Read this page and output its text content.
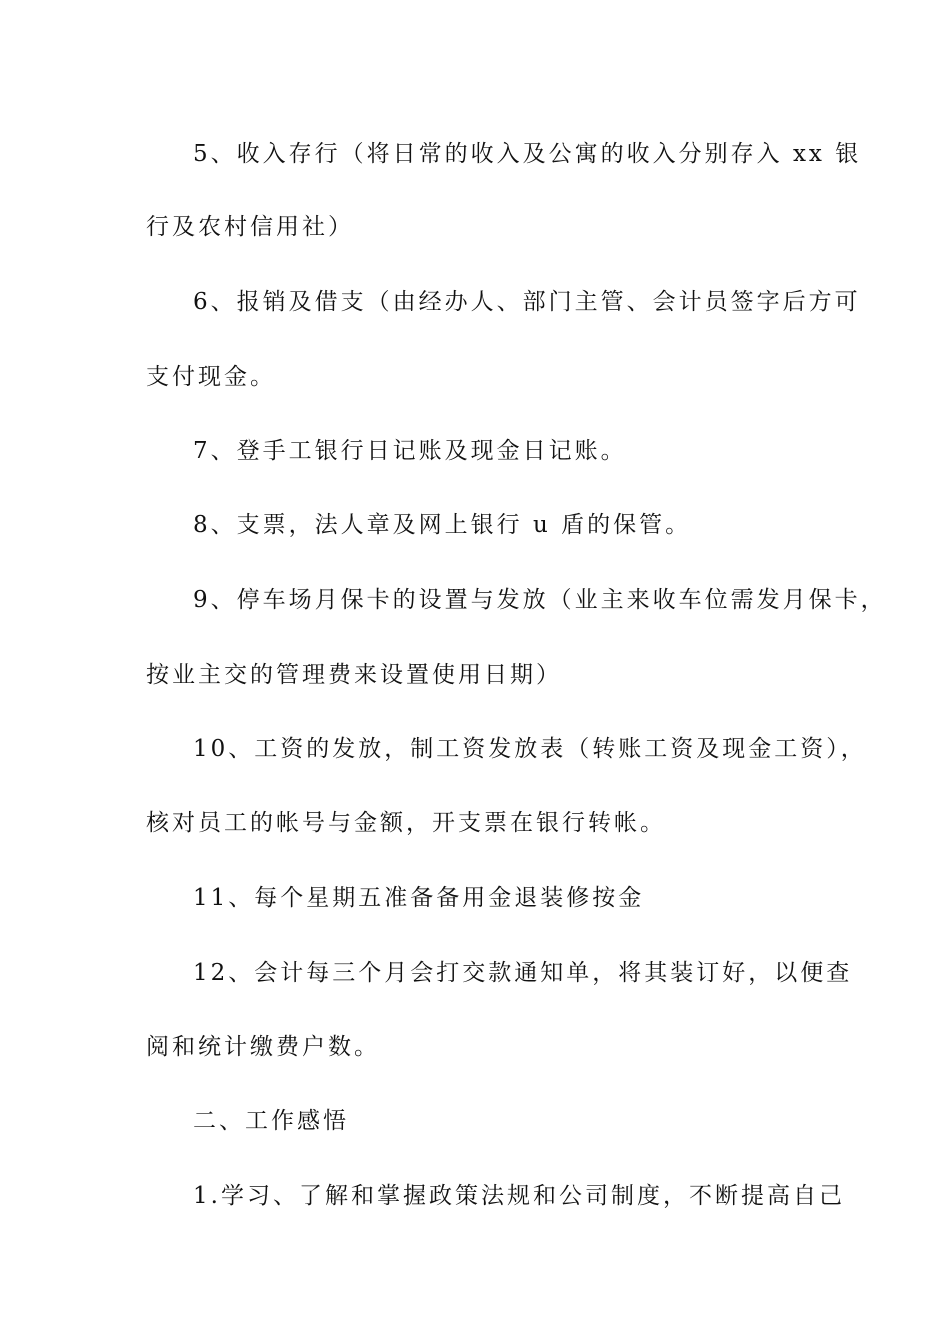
5、收入存行（将日常的收入及公寓的收入分别存入 xx 银
行及农村信用社）
6、报销及借支（由经办人、部门主管、会计员签字后方可
支付现金。
7、登手工银行日记账及现金日记账。
8、支票，法人章及网上银行 u 盾的保管。
9、停车场月保卡的设置与发放（业主来收车位需发月保卡，
按业主交的管理费来设置使用日期）
10、工资的发放，制工资发放表（转账工资及现金工资），
核对员工的帐号与金额，开支票在银行转帐。
11、每个星期五准备备用金退装修按金
12、会计每三个月会打交款通知单，将其装订好，以便查
阅和统计缴费户数。
二、工作感悟
1.学习、了解和掌握政策法规和公司制度，不断提高自己
